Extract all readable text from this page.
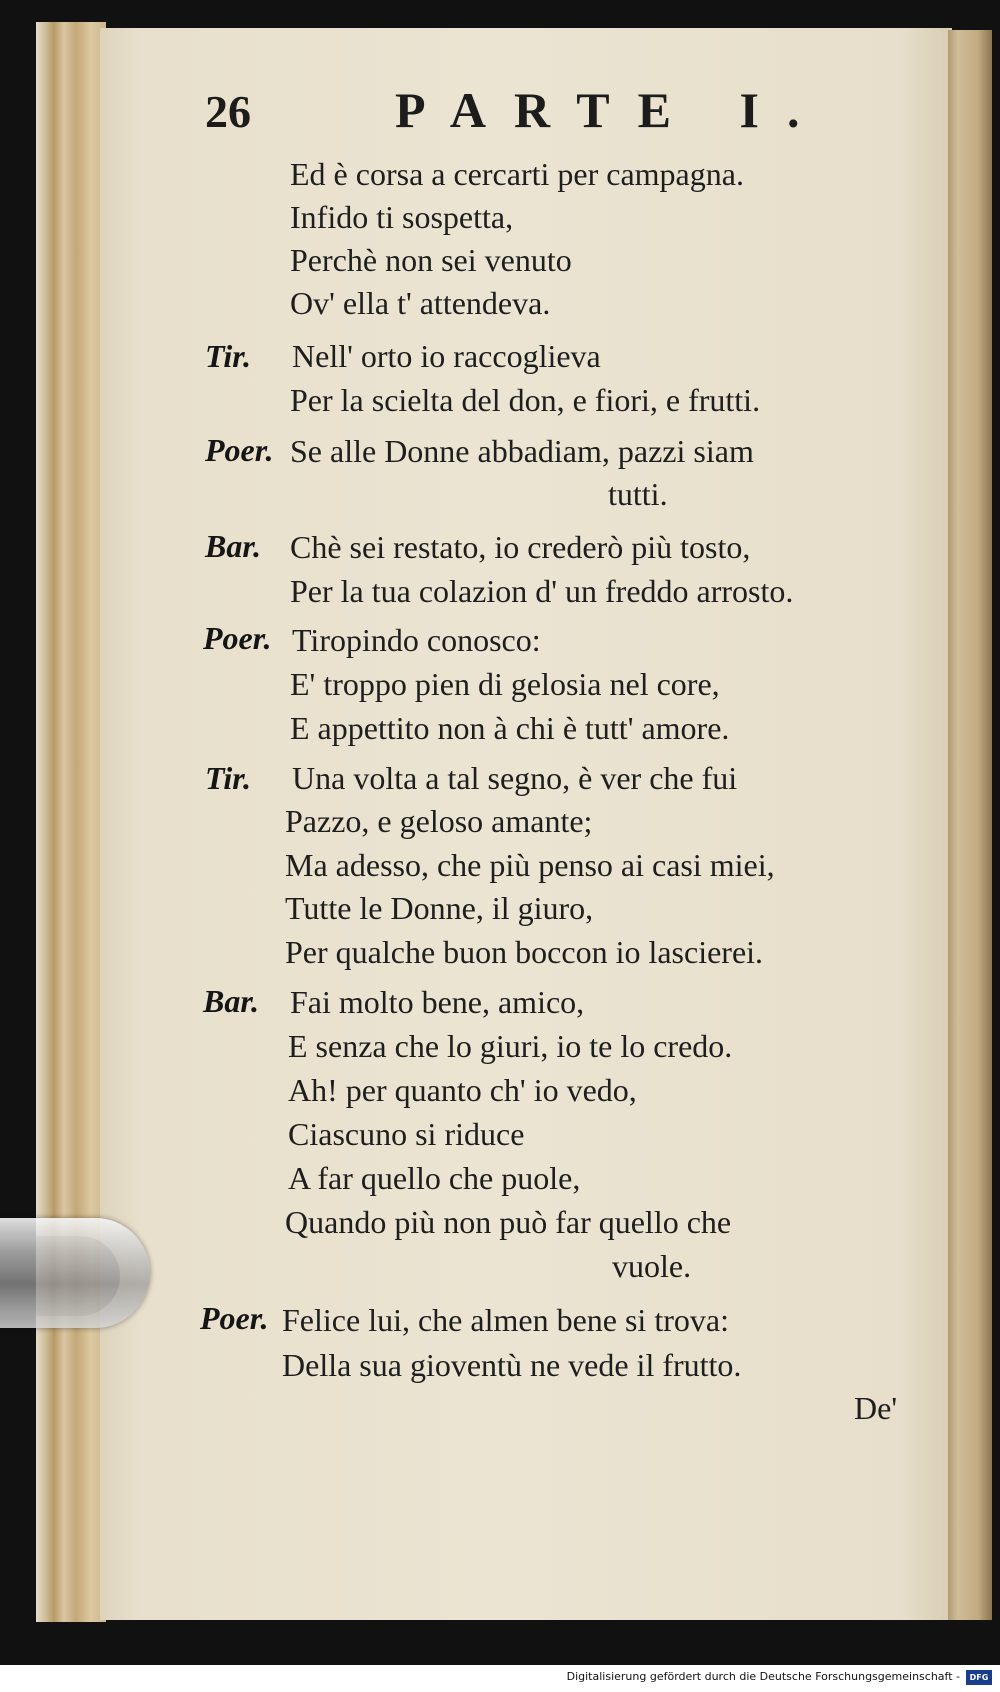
26	PARTE I.
Tir.
Poer.
Bar.
Poer.
Tir.
Bar.
Poer.
Ed è corsa a cercarti per campagna.
Infido ti sospetta,
Perchè non sei venuto
Ov' ella t' attendeva.
Nell' orto io raccoglieva
Per la scielta del don, e fiori, e frutti.
Se alle Donne abbadiam, pazzi siam
tutti.
Chè sei restato, io crederò più tosto,
Per la tua colazion d' un freddo arrosto.
Tiropindo conosco:
E' troppo pien di gelosia nel core,
E appettito non à chi è tutt' amore.
Una volta a tal segno, è ver che fui
Pazzo, e geloso amante;
Ma adesso, che più penso ai casi miei,
Tutte le Donne, il giuro,
Per qualche buon boccon io lascierei.
Fai molto bene, amico,
E senza che lo giuri, io te lo credo.
Ah! per quanto ch' io vedo,
Ciascuno si riduce
A far quello che puole,
Quando più non può far quello che
vuole.
Felice lui, che almen bene si trova:
Della sua gioventù ne vede il frutto.
De'
Digitalisierung gefördert durch die Deutsche Forschungsgemeinschaft -	DFG
